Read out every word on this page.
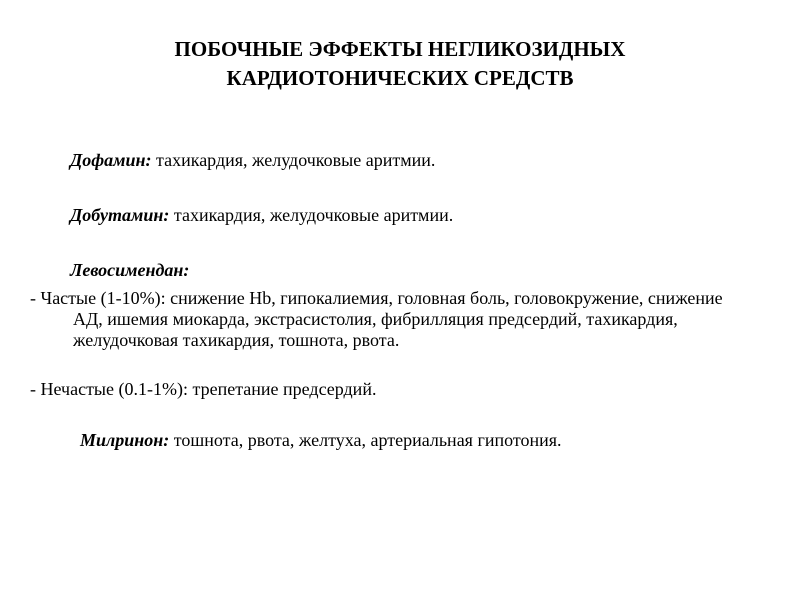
ПОБОЧНЫЕ ЭФФЕКТЫ НЕГЛИКОЗИДНЫХ
КАРДИОТОНИЧЕСКИХ СРЕДСТВ
Дофамин: тахикардия, желудочковые аритмии.
Добутамин: тахикардия, желудочковые аритмии.
Левосимендан:
- Частые (1-10%): снижение Hb, гипокалиемия, головная боль, головокружение, снижение АД, ишемия миокарда, экстрасистолия, фибрилляция предсердий, тахикардия, желудочковая тахикардия, тошнота, рвота.
- Нечастые (0.1-1%): трепетание предсердий.
Милринон: тошнота, рвота, желтуха, артериальная гипотония.
